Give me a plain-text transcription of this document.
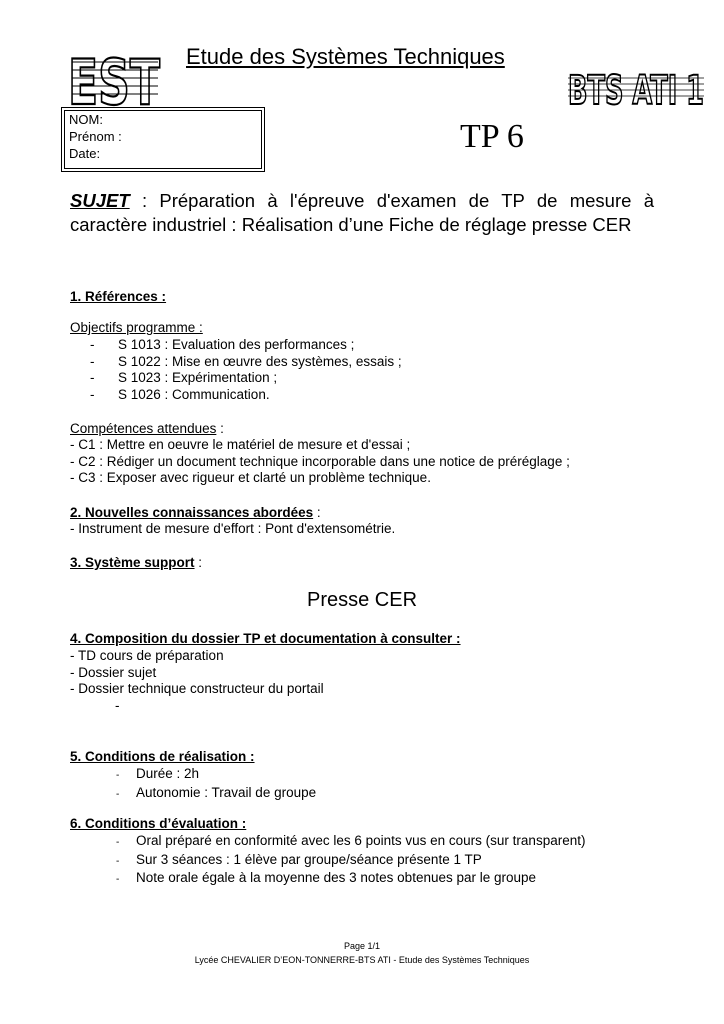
EST Etude des Systèmes Techniques
BTS ATI 1
NOM:
Prénom :
Date:	TP 6
SUJET : Préparation à l'épreuve d'examen de TP de mesure à caractère industriel : Réalisation d’une Fiche de réglage presse CER
1. Références :
Objectifs programme :
- S 1013 : Evaluation des performances ;
- S 1022 : Mise en œuvre des systèmes, essais ;
- S 1023 : Expérimentation ;
- S 1026 : Communication.
Compétences attendues :
- C1 : Mettre en oeuvre le matériel de mesure et d'essai ;
- C2 : Rédiger un document technique incorporable dans une notice de préréglage ;
- C3 : Exposer avec rigueur et clarté un problème technique.
2. Nouvelles connaissances abordées :
- Instrument de mesure d'effort : Pont d'extensométrie.
3. Système support :
Presse CER
4. Composition du dossier TP et documentation à consulter :
- TD cours de préparation
- Dossier sujet
- Dossier technique constructeur du portail
-
5. Conditions de réalisation :
- Durée : 2h
- Autonomie : Travail de groupe
6. Conditions d’évaluation :
- Oral préparé en conformité avec les 6 points vus en cours (sur transparent)
- Sur 3 séances : 1 élève par groupe/séance présente 1 TP
- Note orale égale à la moyenne des 3 notes obtenues par le groupe
Page 1/1
Lycée CHEVALIER D’EON-TONNERRE-BTS ATI - Etude des Systèmes Techniques
